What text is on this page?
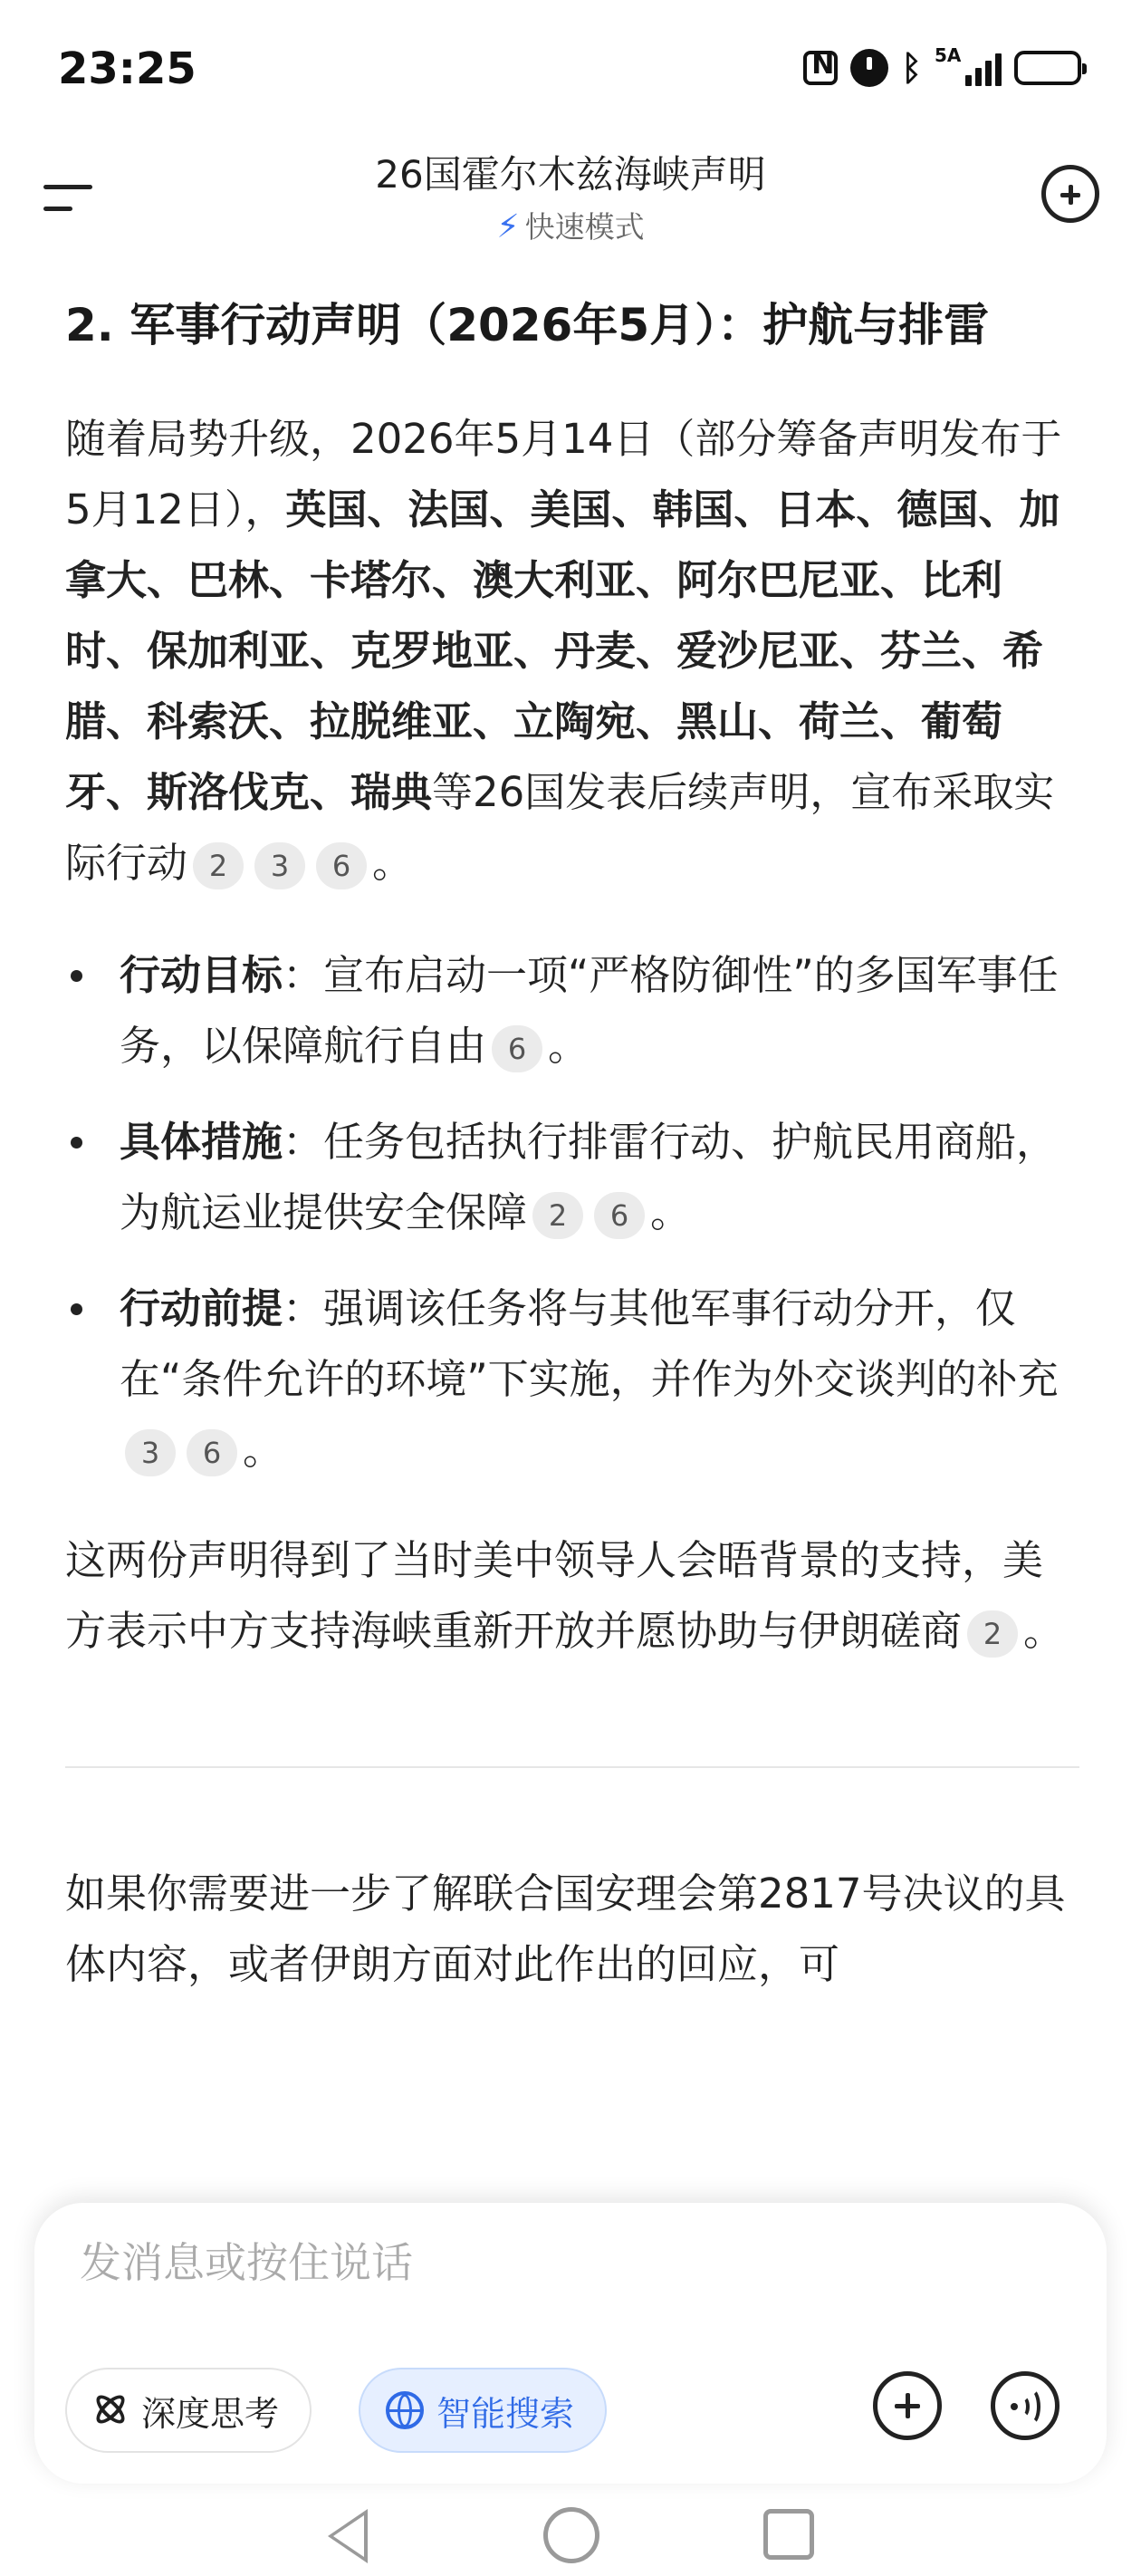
23:25
N	ᛒ 5A
26国霍尔木兹海峡声明
⚡ 快速模式
2. 军事行动声明（2026年5月）：护航与排雷

随着局势升级，2026年5月14日（部分筹备声明发布于5月12日），英国、法国、美国、韩国、日本、德国、加拿大、巴林、卡塔尔、澳大利亚、阿尔巴尼亚、比利时、保加利亚、克罗地亚、丹麦、爱沙尼亚、芬兰、希腊、科索沃、拉脱维亚、立陶宛、黑山、荷兰、葡萄牙、斯洛伐克、瑞典等26国发表后续声明，宣布采取实际行动 2 3 6 。

行动目标：宣布启动一项“严格防御性”的多国军事任务，以保障航行自由 6 。
具体措施：任务包括执行排雷行动、护航民用商船，为航运业提供安全保障 2 6 。
行动前提：强调该任务将与其他军事行动分开，仅在“条件允许的环境”下实施，并作为外交谈判的补充3 6 。

这两份声明得到了当时美中领导人会晤背景的支持，美方表示中方支持海峡重新开放并愿协助与伊朗磋商 2 。

如果你需要进一步了解联合国安理会第2817号决议的具体内容，或者伊朗方面对此作出的回应，可

发消息或按住说话
深度思考	智能搜索
